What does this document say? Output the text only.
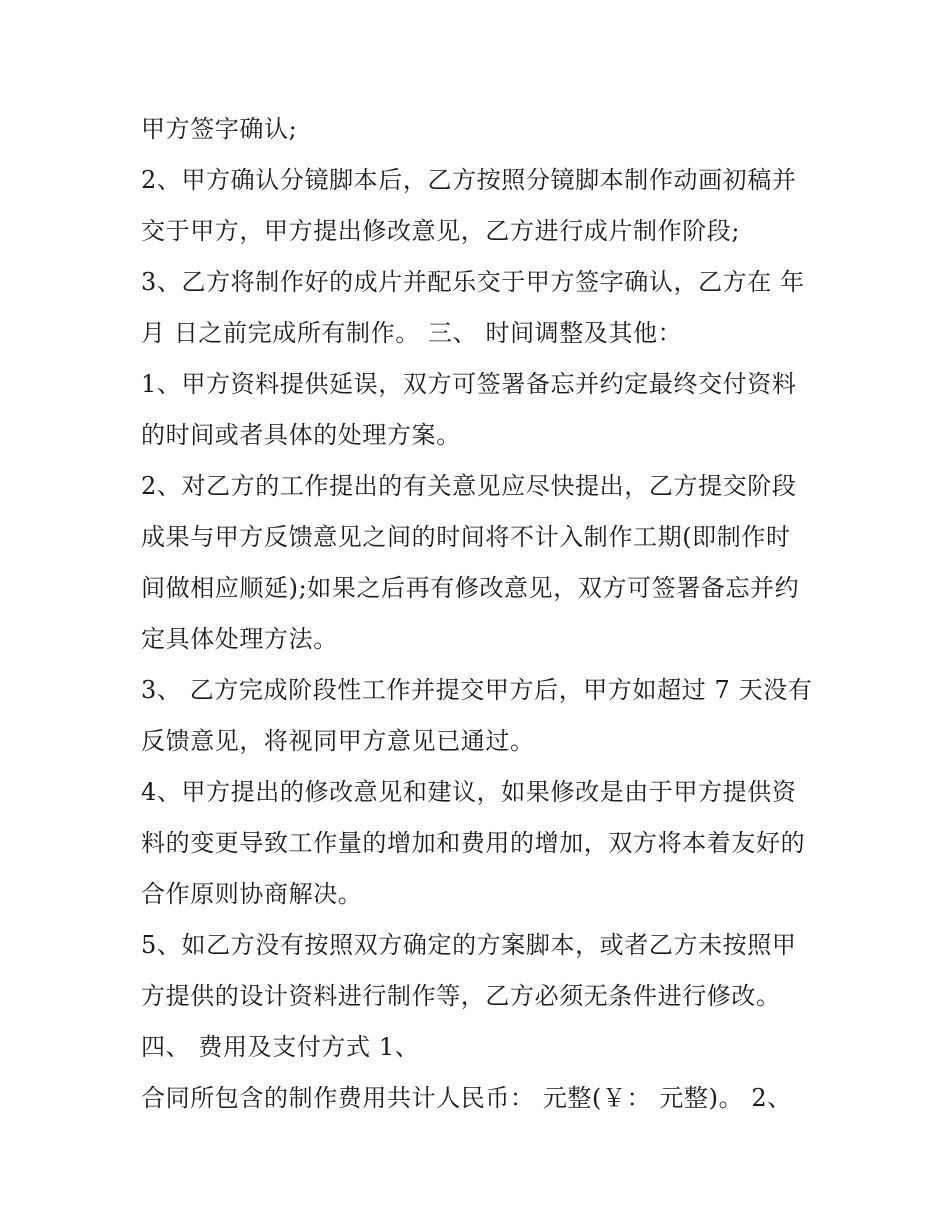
甲方签字确认;
2、甲方确认分镜脚本后，乙方按照分镜脚本制作动画初稿并
交于甲方，甲方提出修改意见，乙方进行成片制作阶段;
3、乙方将制作好的成片并配乐交于甲方签字确认，乙方在 年
月 日之前完成所有制作。 三、 时间调整及其他：
1、甲方资料提供延误，双方可签署备忘并约定最终交付资料
的时间或者具体的处理方案。
2、对乙方的工作提出的有关意见应尽快提出，乙方提交阶段
成果与甲方反馈意见之间的时间将不计入制作工期(即制作时
间做相应顺延);如果之后再有修改意见，双方可签署备忘并约
定具体处理方法。
3、 乙方完成阶段性工作并提交甲方后，甲方如超过 7 天没有
反馈意见，将视同甲方意见已通过。
4、甲方提出的修改意见和建议，如果修改是由于甲方提供资
料的变更导致工作量的增加和费用的增加，双方将本着友好的
合作原则协商解决。
5、如乙方没有按照双方确定的方案脚本，或者乙方未按照甲
方提供的设计资料进行制作等，乙方必须无条件进行修改。
四、 费用及支付方式 1、
合同所包含的制作费用共计人民币： 元整(￥： 元整)。 2、
